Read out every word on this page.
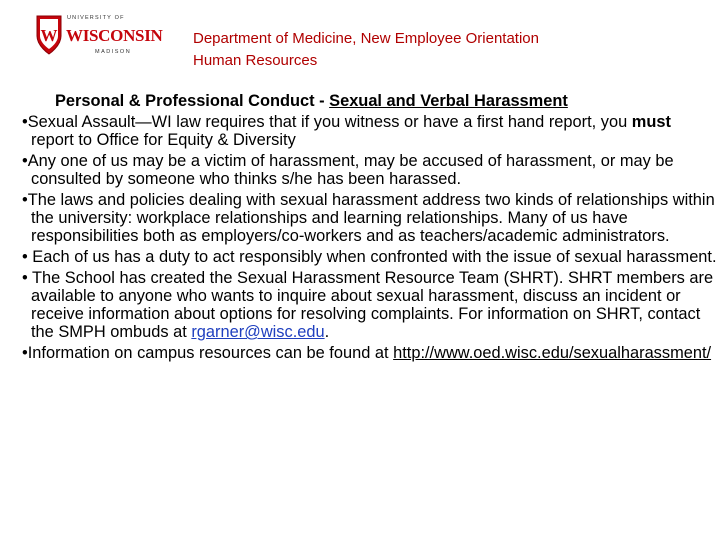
W
UNIVERSITY OF
WISCONSIN
MADISON
Department of Medicine, New Employee Orientation
Human Resources
Personal & Professional Conduct - Sexual and Verbal Harassment
•Sexual Assault—WI law requires that if you witness or have a first hand report, you must report to Office for Equity & Diversity
•Any one of us may be a victim of harassment, may be accused of harassment, or may be consulted by someone who thinks s/he has been harassed.
•The laws and policies dealing with sexual harassment address two kinds of relationships within the university: workplace relationships and learning relationships. Many of us have responsibilities both as employers/co‑workers and as teachers/academic administrators.
• Each of us has a duty to act responsibly when confronted with the issue of sexual harassment.
• The School has created the Sexual Harassment Resource Team (SHRT). SHRT members are available to anyone who wants to inquire about sexual harassment, discuss an incident or receive information about options for resolving complaints. For information on SHRT, contact the SMPH ombuds at rgarner@wisc.edu.
•Information on campus resources can be found at http://www.oed.wisc.edu/sexualharassment/
